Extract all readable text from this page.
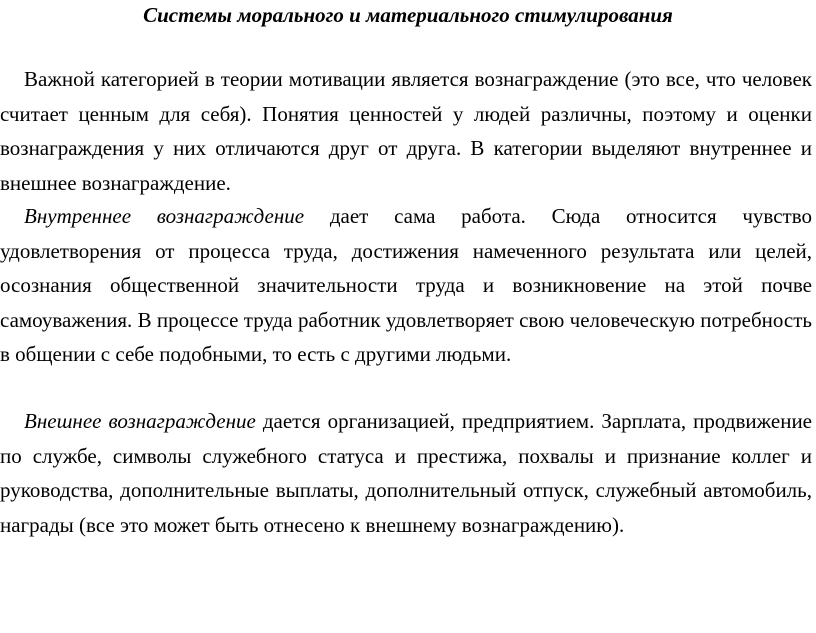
Системы морального и материального стимулирования

Важной категорией в теории мотивации является вознаграждение (это все, что человек считает ценным для себя). Понятия ценностей у людей различны, поэтому и оценки вознаграждения у них отличаются друг от друга. В категории выделяют внутреннее и внешнее вознаграждение.

Внутреннее вознаграждение дает сама работа. Сюда относится чувство удовлетворения от процесса труда, достижения намеченного результата или целей, осознания общественной значительности труда и возникновение на этой почве самоуважения. В процессе труда работник удовлетворяет свою человеческую потребность в общении с себе подобными, то есть с другими людьми.

Внешнее вознаграждение дается организацией, предприятием. Зарплата, продвижение по службе, символы служебного статуса и престижа, похвалы и признание коллег и руководства, дополнительные выплаты, дополнительный отпуск, служебный автомобиль, награды (все это может быть отнесено к внешнему вознаграждению).
